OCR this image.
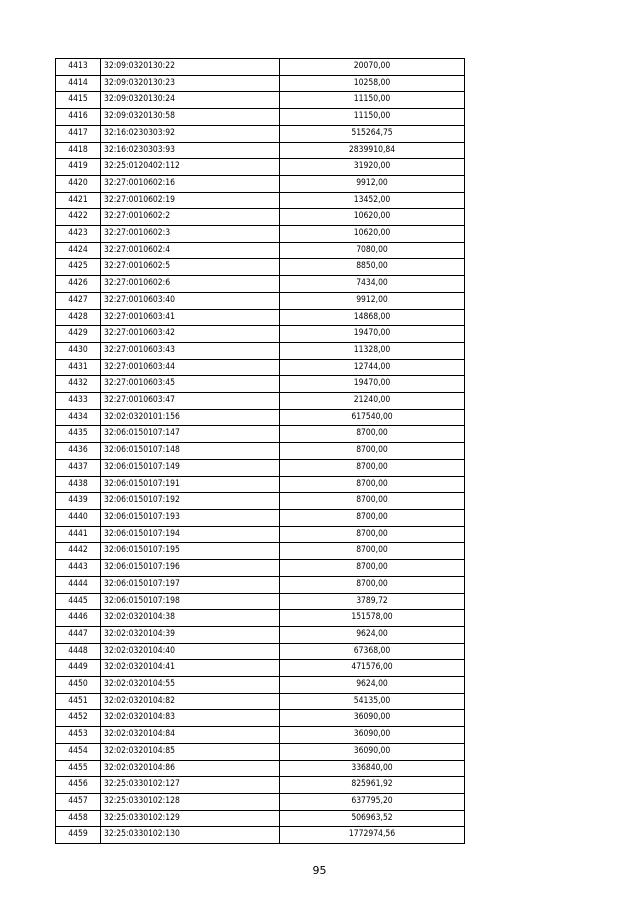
4413	32:09:0320130:22	20070,00
4414	32:09:0320130:23	10258,00
4415	32:09:0320130:24	11150,00
4416	32:09:0320130:58	11150,00
4417	32:16:0230303:92	515264,75
4418	32:16:0230303:93	2839910,84
4419	32:25:0120402:112	31920,00
4420	32:27:0010602:16	9912,00
4421	32:27:0010602:19	13452,00
4422	32:27:0010602:2	10620,00
4423	32:27:0010602:3	10620,00
4424	32:27:0010602:4	7080,00
4425	32:27:0010602:5	8850,00
4426	32:27:0010602:6	7434,00
4427	32:27:0010603:40	9912,00
4428	32:27:0010603:41	14868,00
4429	32:27:0010603:42	19470,00
4430	32:27:0010603:43	11328,00
4431	32:27:0010603:44	12744,00
4432	32:27:0010603:45	19470,00
4433	32:27:0010603:47	21240,00
4434	32:02:0320101:156	617540,00
4435	32:06:0150107:147	8700,00
4436	32:06:0150107:148	8700,00
4437	32:06:0150107:149	8700,00
4438	32:06:0150107:191	8700,00
4439	32:06:0150107:192	8700,00
4440	32:06:0150107:193	8700,00
4441	32:06:0150107:194	8700,00
4442	32:06:0150107:195	8700,00
4443	32:06:0150107:196	8700,00
4444	32:06:0150107:197	8700,00
4445	32:06:0150107:198	3789,72
4446	32:02:0320104:38	151578,00
4447	32:02:0320104:39	9624,00
4448	32:02:0320104:40	67368,00
4449	32:02:0320104:41	471576,00
4450	32:02:0320104:55	9624,00
4451	32:02:0320104:82	54135,00
4452	32:02:0320104:83	36090,00
4453	32:02:0320104:84	36090,00
4454	32:02:0320104:85	36090,00
4455	32:02:0320104:86	336840,00
4456	32:25:0330102:127	825961,92
4457	32:25:0330102:128	637795,20
4458	32:25:0330102:129	506963,52
4459	32:25:0330102:130	1772974,56
95
